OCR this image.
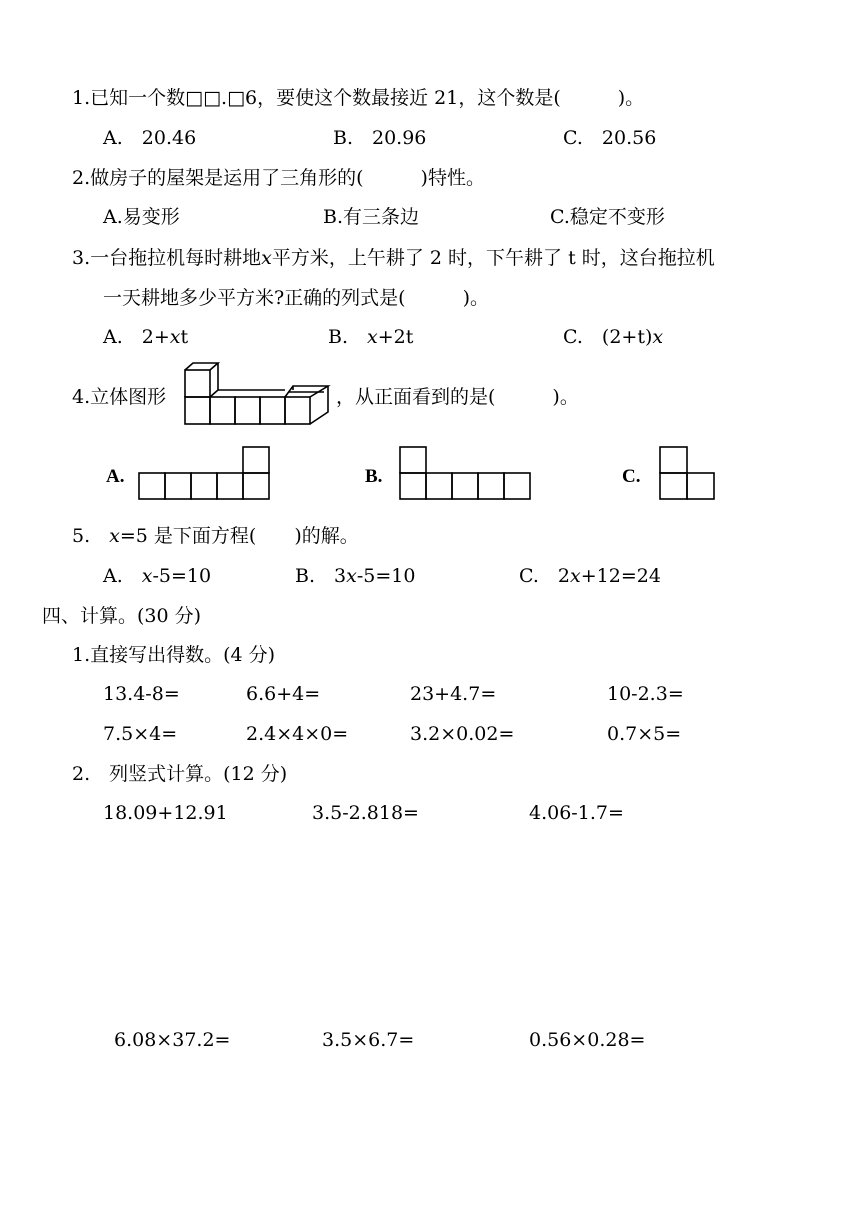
1.已知一个数□□.□6，要使这个数最接近 21，这个数是(　　　)。
A.　20.46	B.　20.96	C.　20.56
2.做房子的屋架是运用了三角形的(　　　)特性。
A.易变形	B.有三条边	C.稳定不变形
3.一台拖拉机每时耕地x平方米，上午耕了 2 时，下午耕了 t 时，这台拖拉机
一天耕地多少平方米?正确的列式是(　　　)。
A.　2+xt	B.　x+2t	C.　(2+t)x
4.立体图形	，从正面看到的是(　　　)。
A.	B.	C.
5.　x=5 是下面方程(　　)的解。
A.　x-5=10	B.　3x-5=10	C.　2x+12=24
四、计算。(30 分)
1.直接写出得数。(4 分)
13.4-8=	6.6+4=	23+4.7=	10-2.3=
7.5×4=	2.4×4×0=	3.2×0.02=	0.7×5=
2.　列竖式计算。(12 分)
18.09+12.91	3.5-2.818=	4.06-1.7=
6.08×37.2=	3.5×6.7=	0.56×0.28=
